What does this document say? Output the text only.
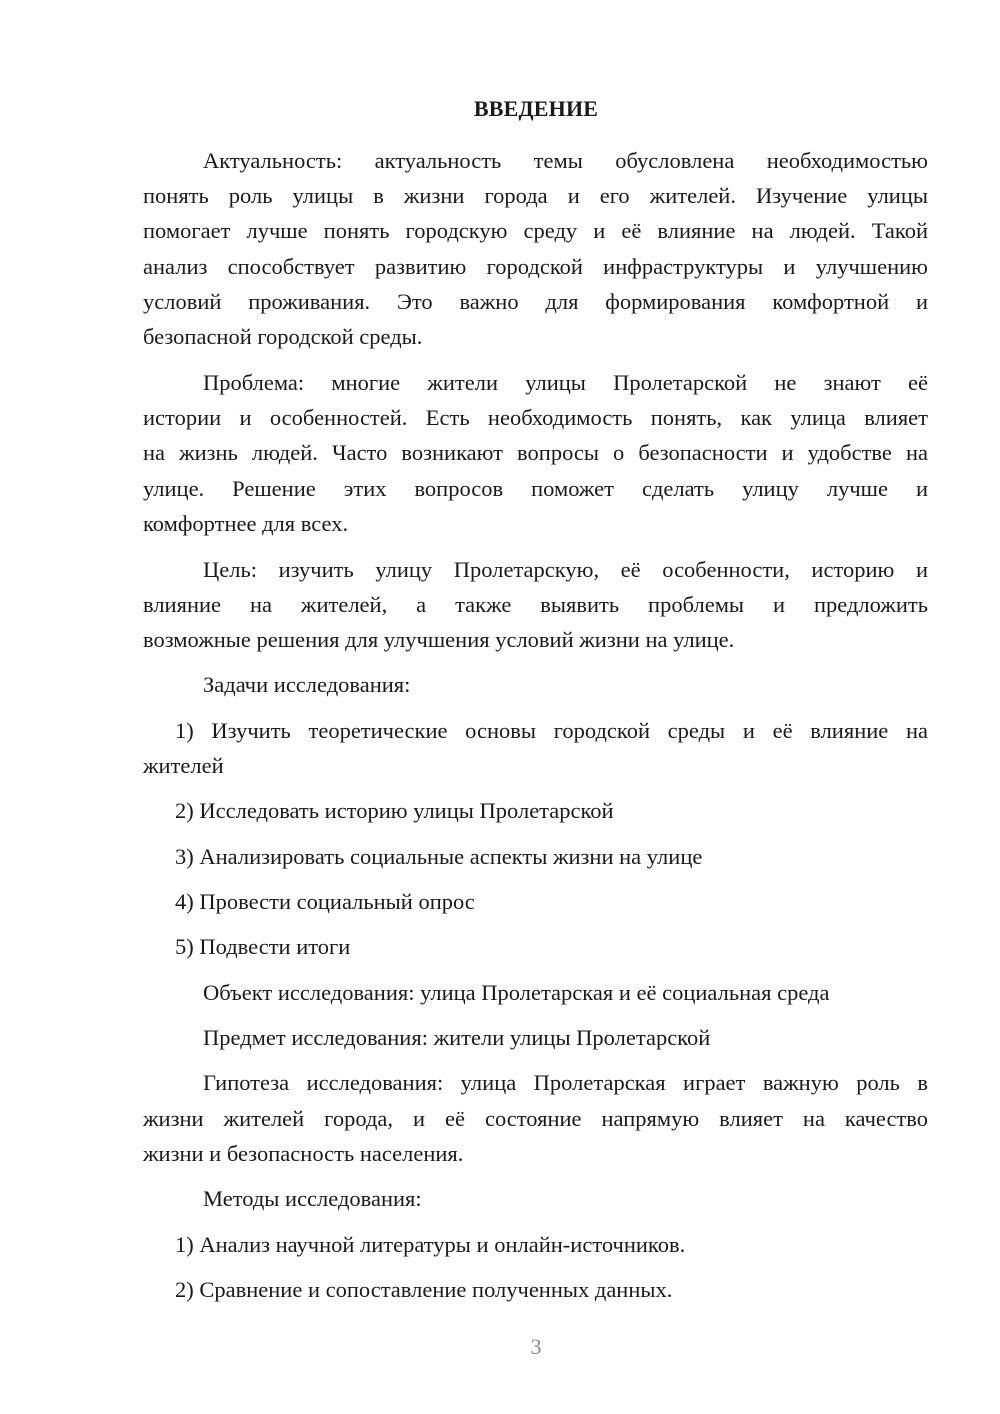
ВВЕДЕНИЕ
Актуальность: актуальность темы обусловлена необходимостью
понять роль улицы в жизни города и его жителей. Изучение улицы
помогает лучше понять городскую среду и её влияние на людей. Такой
анализ способствует развитию городской инфраструктуры и улучшению
условий проживания. Это важно для формирования комфортной и
безопасной городской среды.
Проблема: многие жители улицы Пролетарской не знают её
истории и особенностей. Есть необходимость понять, как улица влияет
на жизнь людей. Часто возникают вопросы о безопасности и удобстве на
улице. Решение этих вопросов поможет сделать улицу лучше и
комфортнее для всех.
Цель: изучить улицу Пролетарскую, её особенности, историю и
влияние на жителей, а также выявить проблемы и предложить
возможные решения для улучшения условий жизни на улице.
Задачи исследования:
1) Изучить теоретические основы городской среды и её влияние на
жителей
2) Исследовать историю улицы Пролетарской
3) Анализировать социальные аспекты жизни на улице
4) Провести социальный опрос
5) Подвести итоги
Объект исследования: улица Пролетарская и её социальная среда
Предмет исследования: жители улицы Пролетарской
Гипотеза исследования: улица Пролетарская играет важную роль в
жизни жителей города, и её состояние напрямую влияет на качество
жизни и безопасность населения.
Методы исследования:
1) Анализ научной литературы и онлайн-источников.
2) Сравнение и сопоставление полученных данных.
3
